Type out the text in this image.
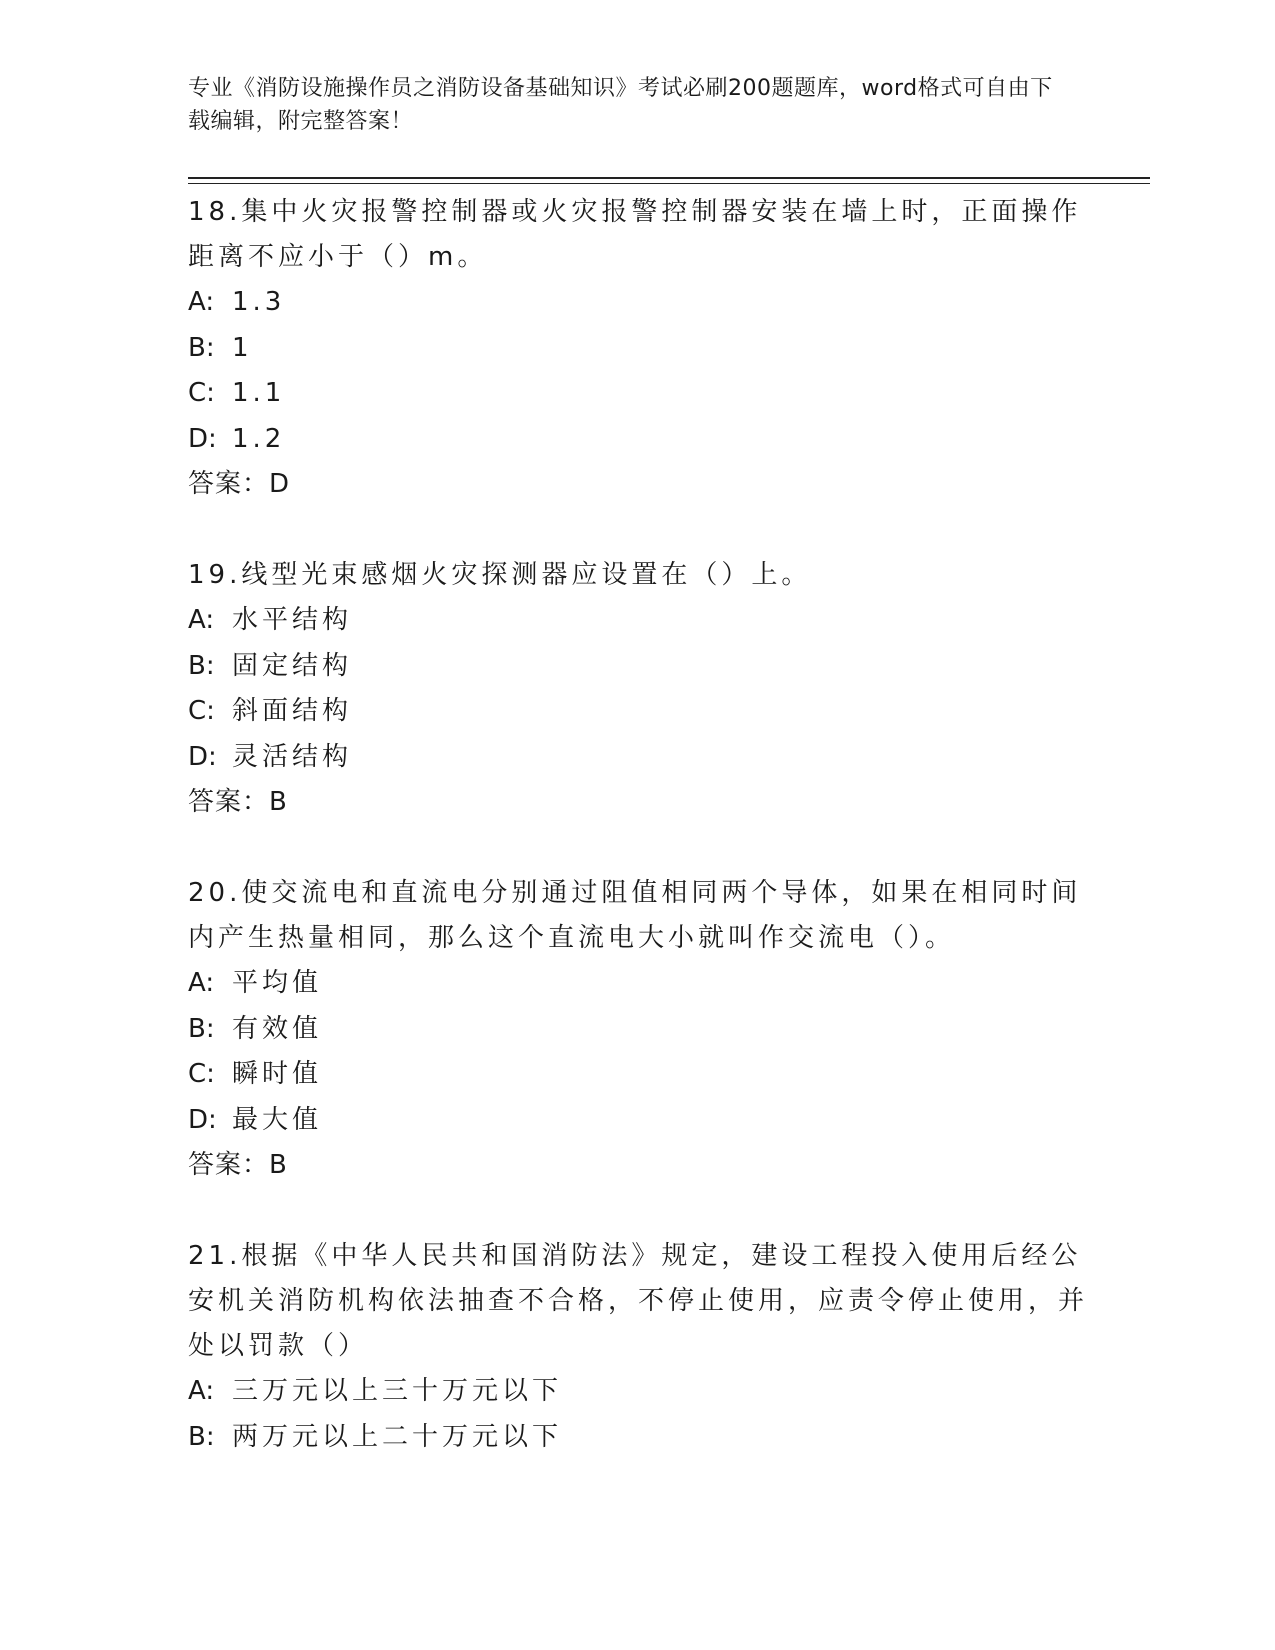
专业《消防设施操作员之消防设备基础知识》考试必刷200题题库，word格式可自由下载编辑，附完整答案！

18.集中火灾报警控制器或火灾报警控制器安装在墙上时，正面操作距离不应小于（）m。

A: 1.3
B: 1
C: 1.1
D: 1.2
答案：D

19.线型光束感烟火灾探测器应设置在（）上。

A: 水平结构
B: 固定结构
C: 斜面结构
D: 灵活结构
答案：B

20.使交流电和直流电分别通过阻值相同两个导体，如果在相同时间内产生热量相同，那么这个直流电大小就叫作交流电（）。

A: 平均值
B: 有效值
C: 瞬时值
D: 最大值
答案：B

21.根据《中华人民共和国消防法》规定，建设工程投入使用后经公安机关消防机构依法抽查不合格，不停止使用，应责令停止使用，并处以罚款（）

A: 三万元以上三十万元以下
B: 两万元以上二十万元以下
